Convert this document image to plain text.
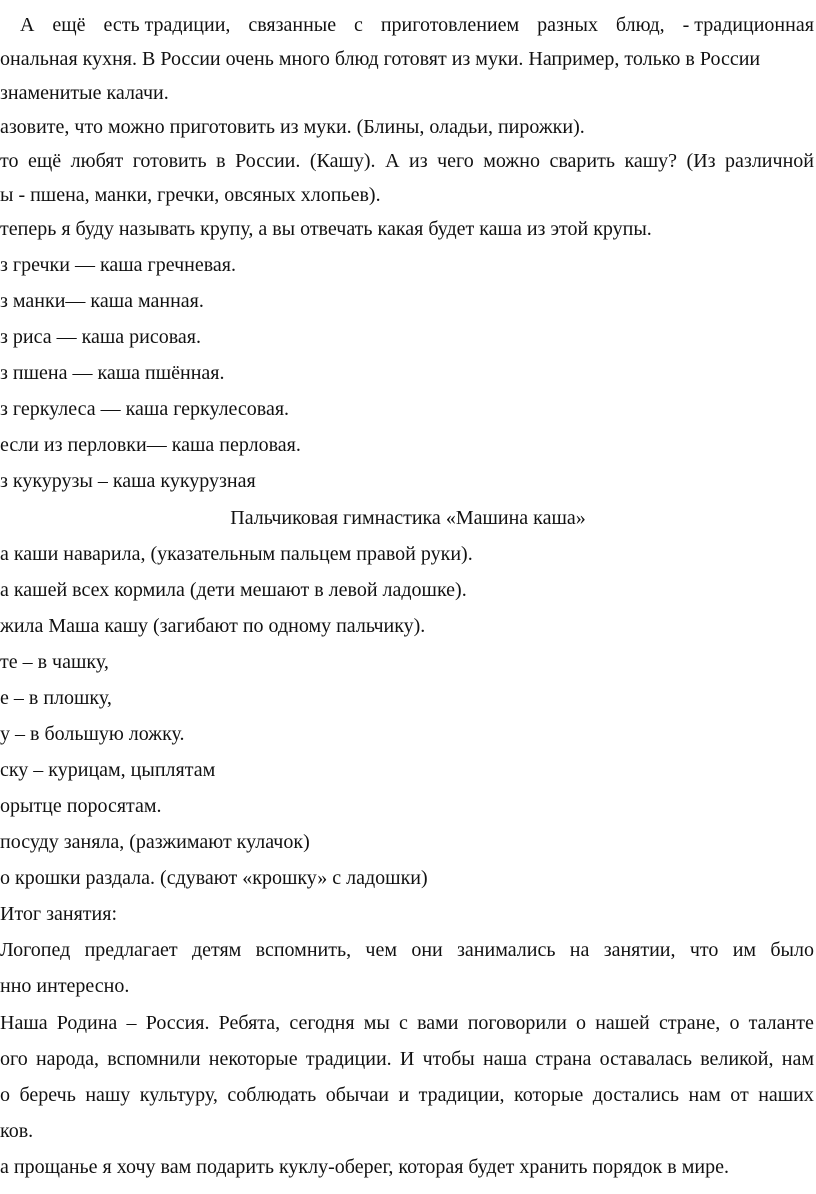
А ещё есть традиции, связанные с приготовлением разных блюд, - традиционная
ональная кухня. В России очень много блюд готовят из муки. Например, только в России
знаменитые калачи.
азовите, что можно приготовить из муки. (Блины, оладьи, пирожки).
то ещё любят готовить в России. (Кашу). А из чего можно сварить кашу? (Из различной
ы - пшена, манки, гречки, овсяных хлопьев).
теперь я буду называть крупу, а вы отвечать какая будет каша из этой крупы.
з гречки — каша гречневая.
з манки— каша манная.
з риса — каша рисовая.
з пшена — каша пшённая.
з геркулеса — каша геркулесовая.
если из перловки— каша перловая.
з кукурузы – каша кукурузная
Пальчиковая гимнастика «Машина каша»
а каши наварила, (указательным пальцем правой руки).
а кашей всех кормила (дети мешают в левой ладошке).
жила Маша кашу (загибают по одному пальчику).
те – в чашку,
е – в плошку,
у – в большую ложку.
ску – курицам, цыплятам
орытце поросятам.
посуду заняла, (разжимают кулачок)
о крошки раздала. (сдувают «крошку» с ладошки)
Итог занятия:
Логопед предлагает детям вспомнить, чем они занимались на занятии, что им было
нно интересно.
Наша Родина – Россия. Ребята, сегодня мы с вами поговорили о нашей стране, о таланте
ого народа, вспомнили некоторые традиции. И чтобы наша страна оставалась великой, нам
о беречь нашу культуру, соблюдать обычаи и традиции, которые достались нам от наших
ков.
а прощанье я хочу вам подарить куклу-оберег, которая будет хранить порядок в мире.
